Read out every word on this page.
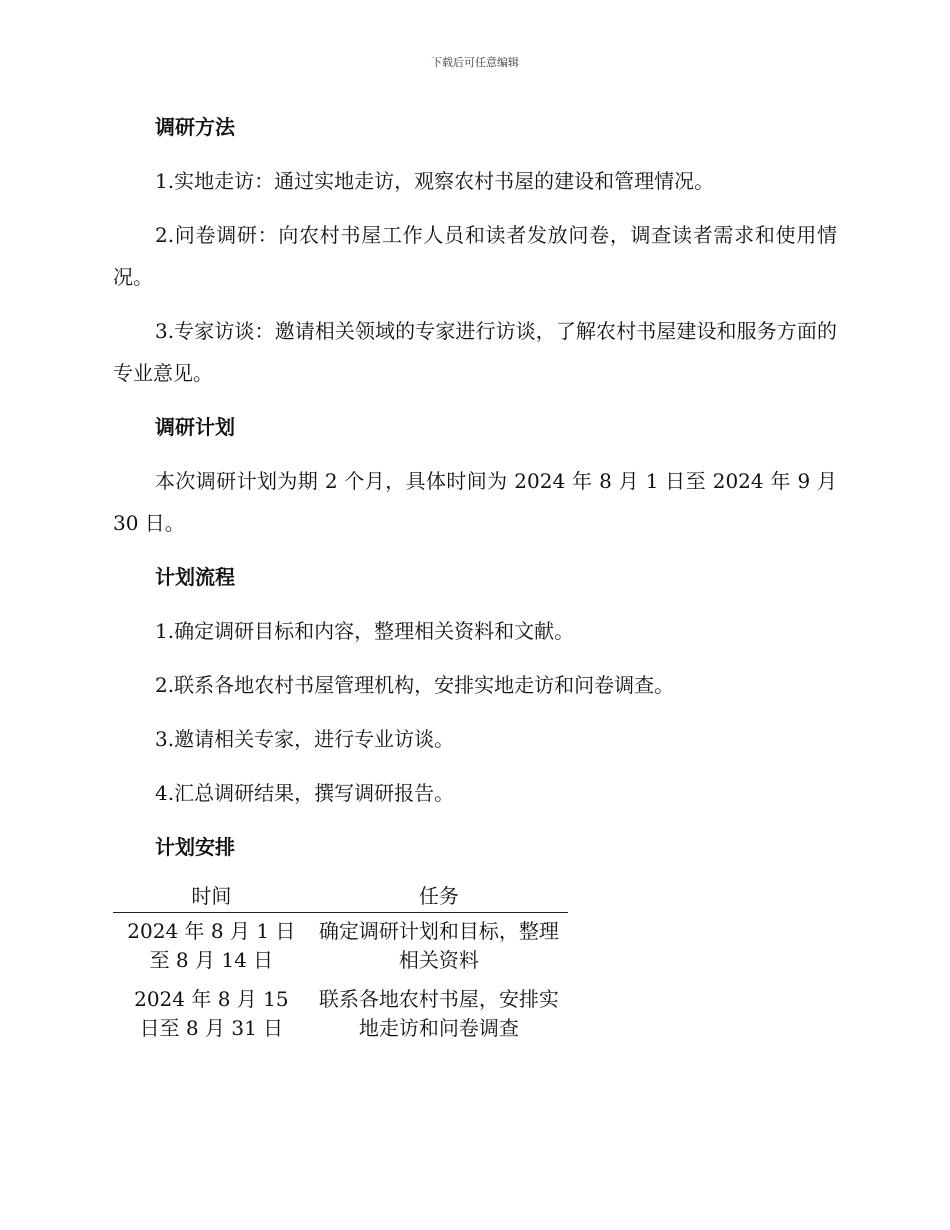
下载后可任意编辑
调研方法
1.实地走访：通过实地走访，观察农村书屋的建设和管理情况。
2.问卷调研：向农村书屋工作人员和读者发放问卷，调查读者需求和使用情况。
3.专家访谈：邀请相关领域的专家进行访谈，了解农村书屋建设和服务方面的专业意见。
调研计划
本次调研计划为期 2 个月，具体时间为 2024 年 8 月 1 日至 2024 年 9 月 30 日。
计划流程
1.确定调研目标和内容，整理相关资料和文献。
2.联系各地农村书屋管理机构，安排实地走访和问卷调查。
3.邀请相关专家，进行专业访谈。
4.汇总调研结果，撰写调研报告。
计划安排
时间	任务
2024 年 8 月 1 日至 8 月 14 日	确定调研计划和目标，整理相关资料
2024 年 8 月 15 日至 8 月 31 日	联系各地农村书屋，安排实地走访和问卷调查
